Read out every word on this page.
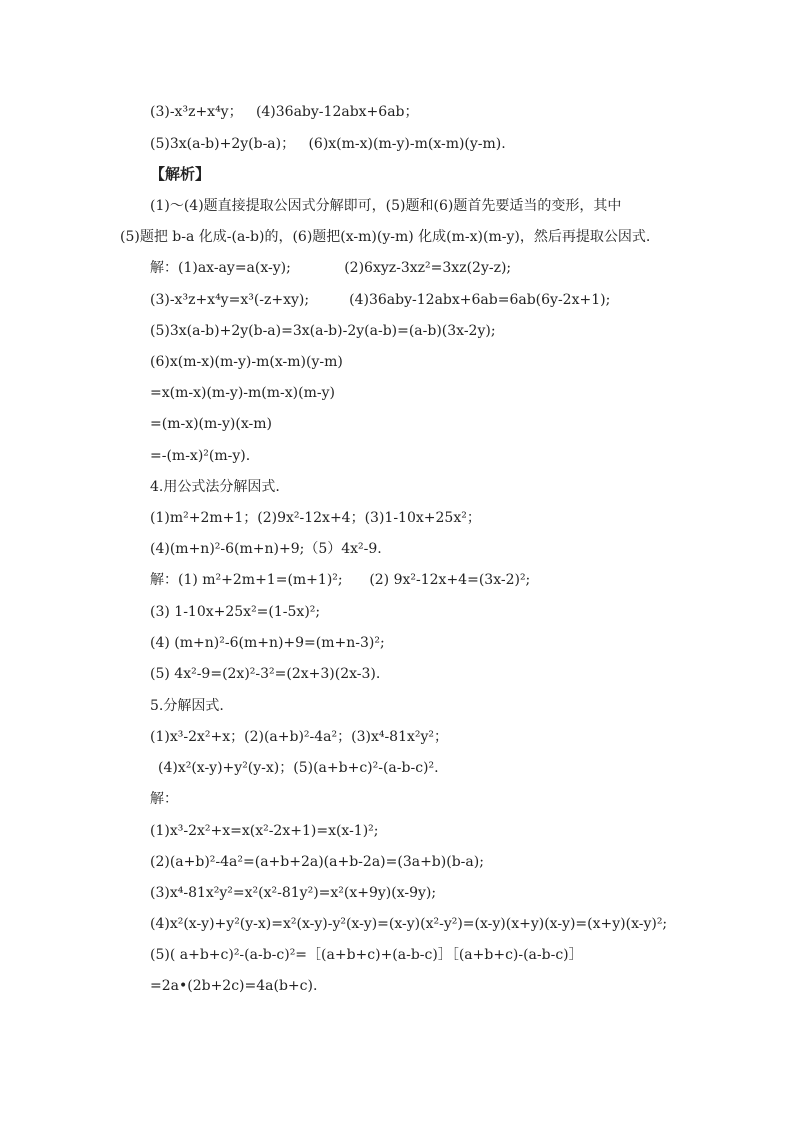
(3)-x³z+x⁴y；   (4)36aby-12abx+6ab；
(5)3x(a-b)+2y(b-a)；   (6)x(m-x)(m-y)-m(x-m)(y-m).
【解析】
(1)～(4)题直接提取公因式分解即可，(5)题和(6)题首先要适当的变形，其中
(5)题把 b-a 化成-(a-b)的，(6)题把(x-m)(y-m) 化成(m-x)(m-y)，然后再提取公因式.
解：(1)ax-ay=a(x-y);            (2)6xyz-3xz²=3xz(2y-z);
(3)-x³z+x⁴y=x³(-z+xy);         (4)36aby-12abx+6ab=6ab(6y-2x+1);
(5)3x(a-b)+2y(b-a)=3x(a-b)-2y(a-b)=(a-b)(3x-2y);
(6)x(m-x)(m-y)-m(x-m)(y-m)
=x(m-x)(m-y)-m(m-x)(m-y)
=(m-x)(m-y)(x-m)
=-(m-x)²(m-y).
4.用公式法分解因式.
(1)m²+2m+1；(2)9x²-12x+4；(3)1-10x+25x²；
(4)(m+n)²-6(m+n)+9;（5）4x²-9.
解：(1) m²+2m+1=(m+1)²;      (2) 9x²-12x+4=(3x-2)²;
(3) 1-10x+25x²=(1-5x)²;
(4) (m+n)²-6(m+n)+9=(m+n-3)²;
(5) 4x²-9=(2x)²-3²=(2x+3)(2x-3).
5.分解因式.
(1)x³-2x²+x；(2)(a+b)²-4a²；(3)x⁴-81x²y²；
(4)x²(x-y)+y²(y-x)；(5)(a+b+c)²-(a-b-c)².
解：
(1)x³-2x²+x=x(x²-2x+1)=x(x-1)²;
(2)(a+b)²-4a²=(a+b+2a)(a+b-2a)=(3a+b)(b-a);
(3)x⁴-81x²y²=x²(x²-81y²)=x²(x+9y)(x-9y);
(4)x²(x-y)+y²(y-x)=x²(x-y)-y²(x-y)=(x-y)(x²-y²)=(x-y)(x+y)(x-y)=(x+y)(x-y)²;
(5)( a+b+c)²-(a-b-c)²=［(a+b+c)+(a-b-c)］［(a+b+c)-(a-b-c)］
=2a•(2b+2c)=4a(b+c).
